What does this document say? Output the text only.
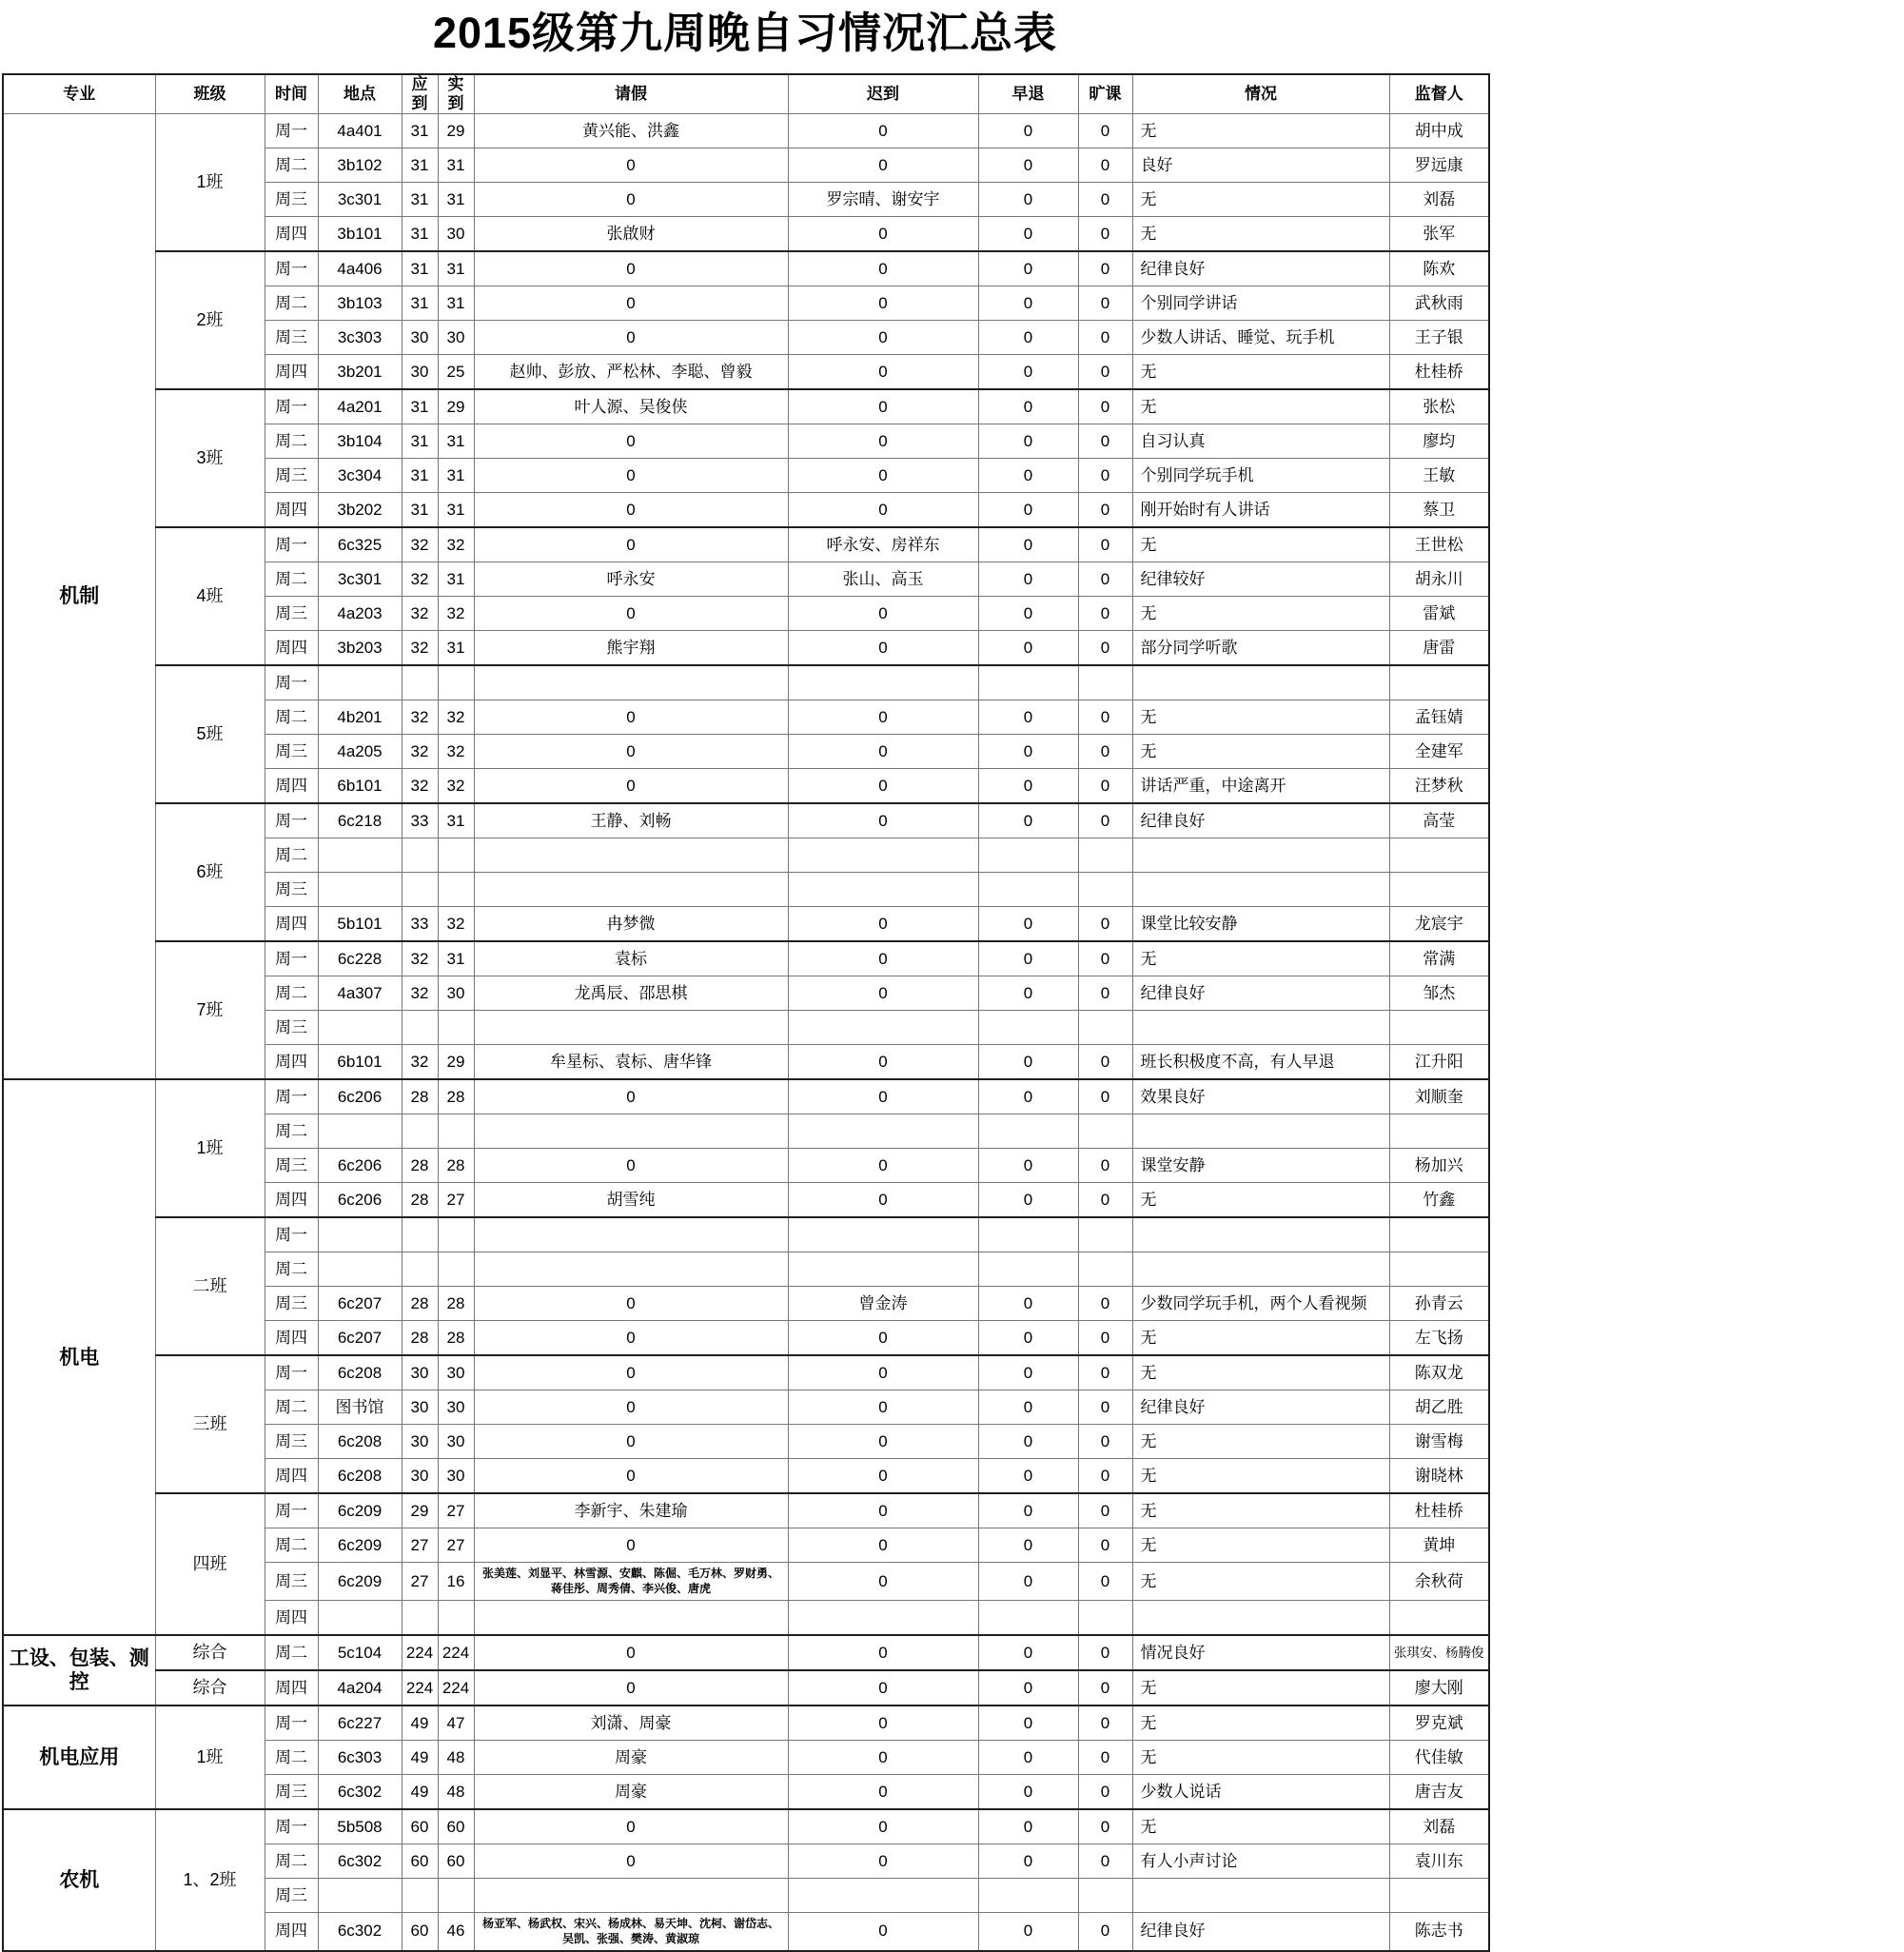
2015级第九周晚自习情况汇总表
专业	班级	时间	地点	应到	实到	请假	迟到	早退	旷课	情况	监督人
机制	1班	周一	4a401	31	29	黄兴能、洪鑫	0	0	0	无	胡中成
		周二	3b102	31	31	0	0	0	0	良好	罗远康
		周三	3c301	31	31	0	罗宗晴、谢安宇	0	0	无	刘磊
		周四	3b101	31	30	张啟财	0	0	0	无	张军
	2班	周一	4a406	31	31	0	0	0	0	纪律良好	陈欢
		周二	3b103	31	31	0	0	0	0	个别同学讲话	武秋雨
		周三	3c303	30	30	0	0	0	0	少数人讲话、睡觉、玩手机	王子银
		周四	3b201	30	25	赵帅、彭放、严松林、李聪、曾毅	0	0	0	无	杜桂桥
	3班	周一	4a201	31	29	叶人源、吴俊侠	0	0	0	无	张松
		周二	3b104	31	31	0	0	0	0	自习认真	廖均
		周三	3c304	31	31	0	0	0	0	个别同学玩手机	王敏
		周四	3b202	31	31	0	0	0	0	刚开始时有人讲话	蔡卫
	4班	周一	6c325	32	32	0	呼永安、房祥东	0	0	无	王世松
		周二	3c301	32	31	呼永安	张山、高玉	0	0	纪律较好	胡永川
		周三	4a203	32	32	0	0	0	0	无	雷斌
		周四	3b203	32	31	熊宇翔	0	0	0	部分同学听歌	唐雷
	5班	周一									
		周二	4b201	32	32	0	0	0	0	无	孟钰婧
		周三	4a205	32	32	0	0	0	0	无	全建军
		周四	6b101	32	32	0	0	0	0	讲话严重，中途离开	汪梦秋
	6班	周一	6c218	33	31	王静、刘畅	0	0	0	纪律良好	高莹
		周二									
		周三									
		周四	5b101	33	32	冉梦微	0	0	0	课堂比较安静	龙宸宇
	7班	周一	6c228	32	31	袁标	0	0	0	无	常满
		周二	4a307	32	30	龙禹辰、邵思棋	0	0	0	纪律良好	邹杰
		周三									
		周四	6b101	32	29	牟星标、袁标、唐华锋	0	0	0	班长积极度不高，有人早退	江升阳
机电	1班	周一	6c206	28	28	0	0	0	0	效果良好	刘顺奎
		周二									
		周三	6c206	28	28	0	0	0	0	课堂安静	杨加兴
		周四	6c206	28	27	胡雪纯	0	0	0	无	竹鑫
	二班	周一									
		周二									
		周三	6c207	28	28	0	曾金涛	0	0	少数同学玩手机，两个人看视频	孙青云
		周四	6c207	28	28	0	0	0	0	无	左飞扬
	三班	周一	6c208	30	30	0	0	0	0	无	陈双龙
		周二	图书馆	30	30	0	0	0	0	纪律良好	胡乙胜
		周三	6c208	30	30	0	0	0	0	无	谢雪梅
		周四	6c208	30	30	0	0	0	0	无	谢晓林
	四班	周一	6c209	29	27	李新宇、朱建瑜	0	0	0	无	杜桂桥
		周二	6c209	27	27	0	0	0	0	无	黄坤
		周三	6c209	27	16	张美莲、刘显平、林雪源、安麒、陈倔、毛万林、罗财勇、蒋佳彤、周秀倩、李兴俊、唐虎	0	0	0	无	余秋荷
		周四									
工设、包装、测控	综合	周二	5c104	224	224	0	0	0	0	情况良好	张琪安、杨腾俊
	综合	周四	4a204	224	224	0	0	0	0	无	廖大刚
机电应用	1班	周一	6c227	49	47	刘潇、周豪	0	0	0	无	罗克斌
		周二	6c303	49	48	周豪	0	0	0	无	代佳敏
		周三	6c302	49	48	周豪	0	0	0	少数人说话	唐吉友
农机	1、2班	周一	5b508	60	60	0	0	0	0	无	刘磊
		周二	6c302	60	60	0	0	0	0	有人小声讨论	袁川东
		周三									
		周四	6c302	60	46	杨亚军、杨武权、宋兴、杨成林、易天坤、沈柯、谢岱志、吴凯、张强、樊涛、黄淑琼	0	0	0	纪律良好	陈志书
